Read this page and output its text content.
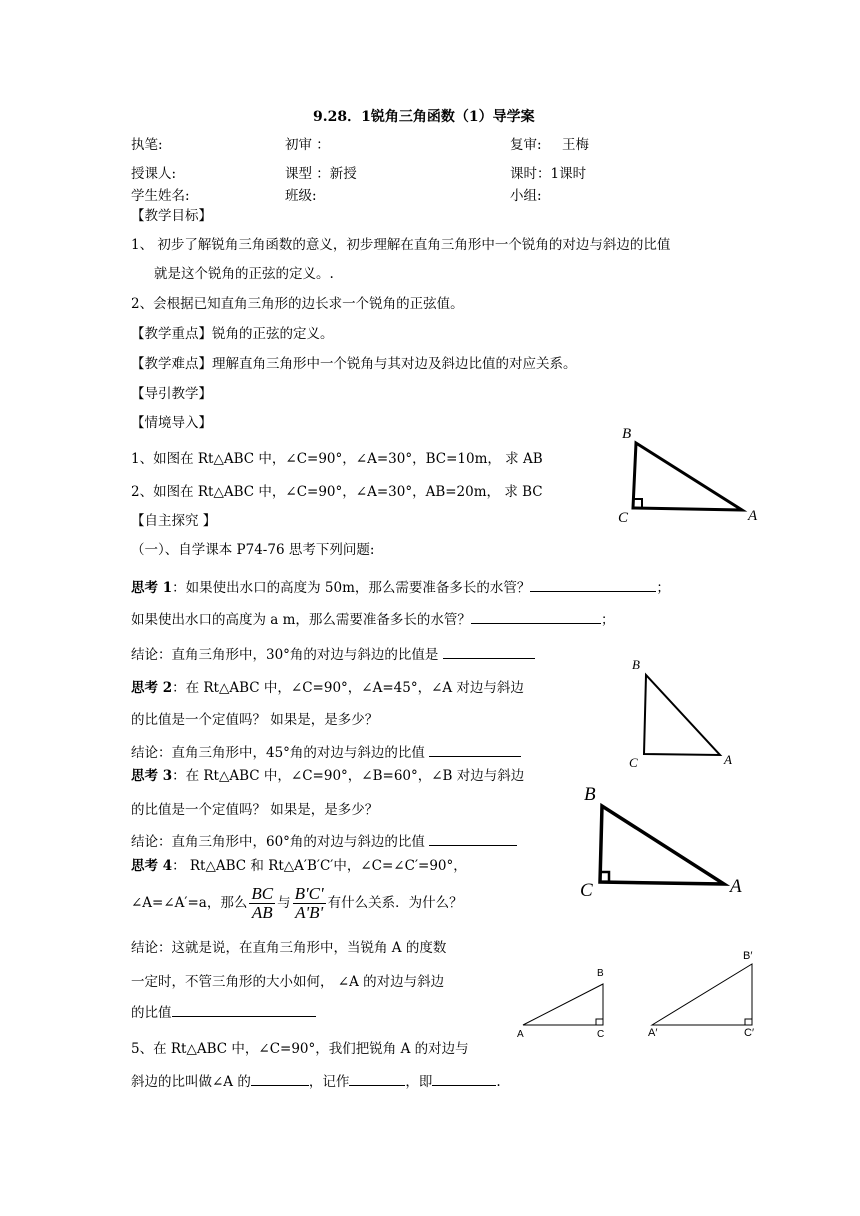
9.28．1锐角三角函数（1）导学案
执笔:	初审 ：	复审: 王梅
授课人:	课型 ：新授	课时：1课时
学生姓名:	班级:	小组:
【教学目标】
1、 初步了解锐角三角函数的意义，初步理解在直角三角形中一个锐角的对边与斜边的比值
就是这个锐角的正弦的定义。.
2、会根据已知直角三角形的边长求一个锐角的正弦值。
【教学重点】锐角的正弦的定义。
【教学难点】理解直角三角形中一个锐角与其对边及斜边比值的对应关系。
【导引教学】
【情境导入】
1、如图在 Rt△ABC 中，∠C=90°，∠A=30°，BC=10m， 求 AB
2、如图在 Rt△ABC 中，∠C=90°，∠A=30°，AB=20m， 求 BC
B
C	A
【自主探究 】
（一）、自学课本 P74-76 思考下列问题:
思考 1：如果使出水口的高度为 50m，那么需要准备多长的水管？	；
如果使出水口的高度为 a m，那么需要准备多长的水管？	；
结论：直角三角形中，30°角的对边与斜边的比值是
思考 2：在 Rt△ABC 中，∠C=90°，∠A=45°，∠A 对边与斜边
的比值是一个定值吗？ 如果是，是多少？
结论：直角三角形中，45°角的对边与斜边的比值
B
C	A
思考 3：在 Rt△ABC 中，∠C=90°，∠B=60°，∠B 对边与斜边
的比值是一个定值吗？ 如果是，是多少？
结论：直角三角形中，60°角的对边与斜边的比值
B
C	A
思考 4： Rt△ABC 和 Rt△A′B′C′中，∠C=∠C′=90°，
∠A=∠A′=a，那么 $\frac{BC}{AB}$ 与 $\frac{B'C'}{A'B'}$ 有什么关系．为什么？
结论：这就是说，在直角三角形中，当锐角 A 的度数
一定时，不管三角形的大小如何， ∠A 的对边与斜边
的比值
B
A	C
B′
A′	C′
5、在 Rt△ABC 中，∠C=90°，我们把锐角 A 的对边与
斜边的比叫做∠A 的	，记作	，即	.
